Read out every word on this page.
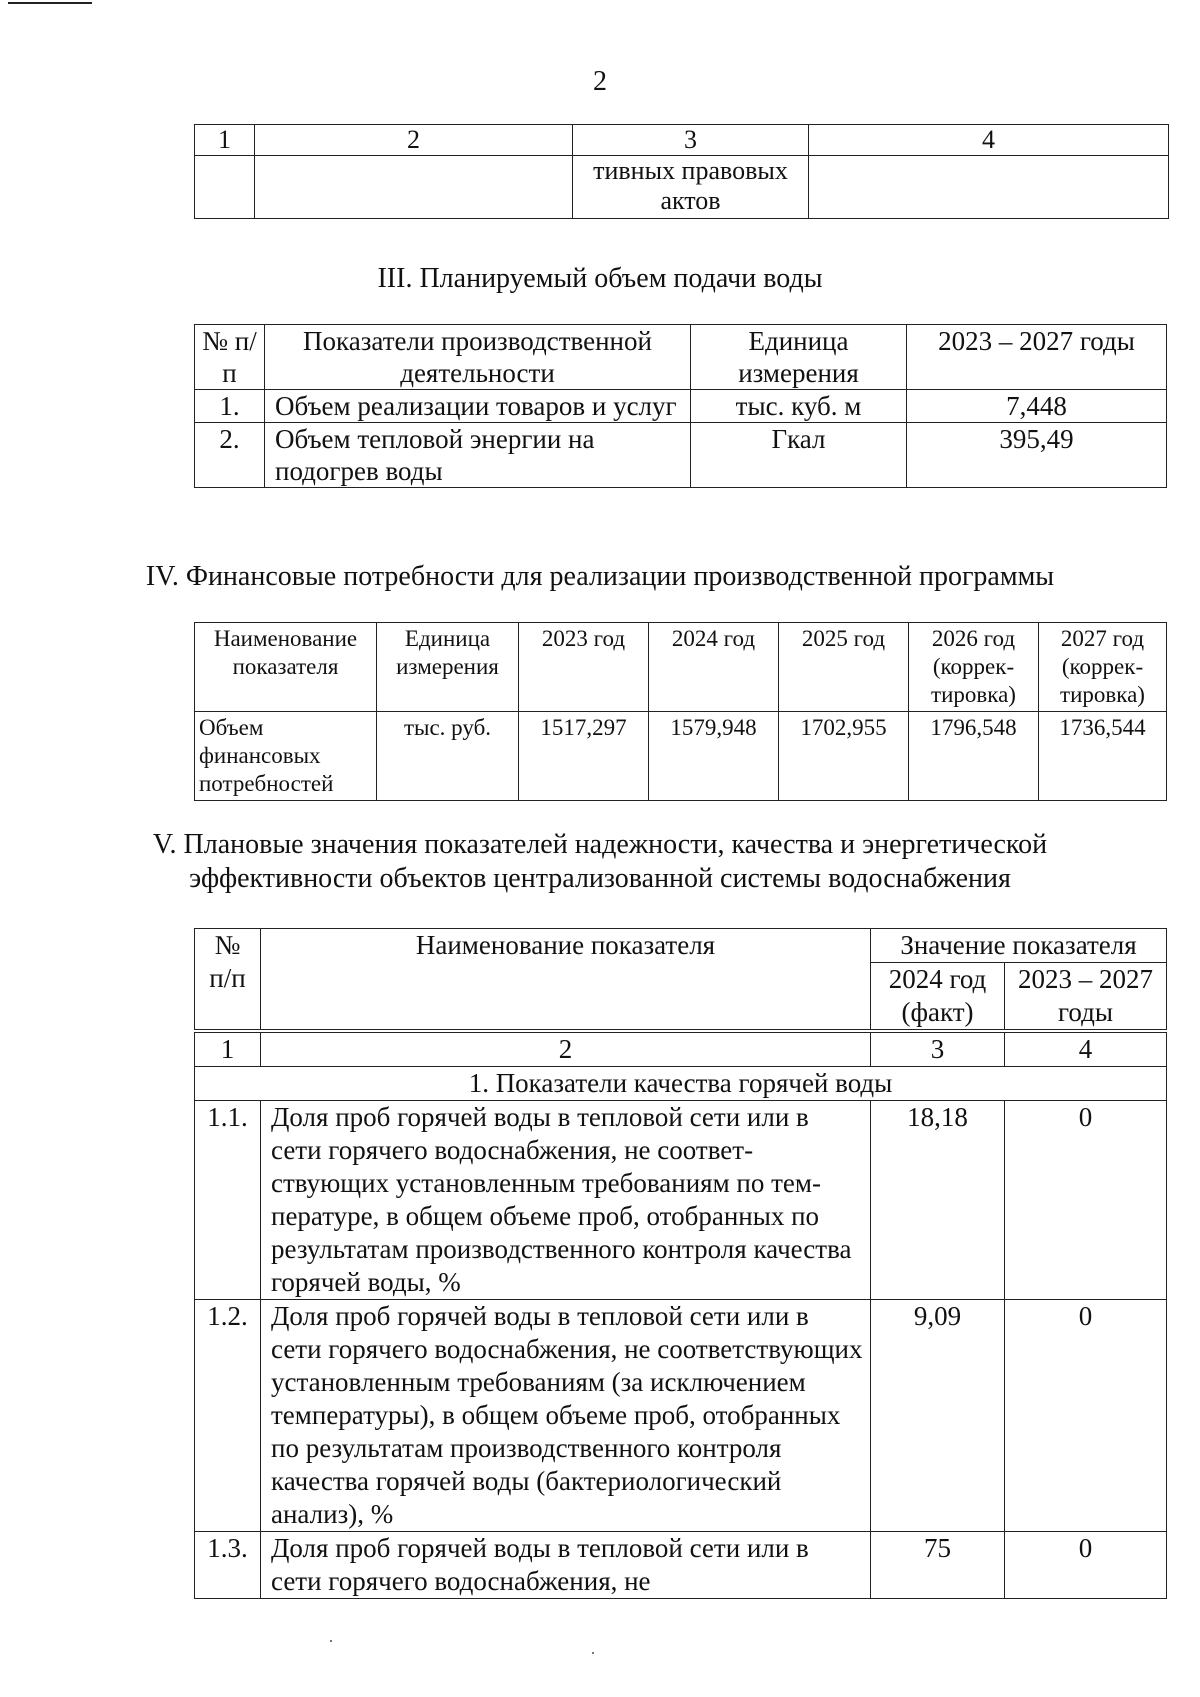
2
1	2	3	4
		тивных правовых актов	
III. Планируемый объем подачи воды
№ п/п	Показатели производственной деятельности	Единица измерения	2023 – 2027 годы
1.	Объем реализации товаров и услуг	тыс. куб. м	7,448
2.	Объем тепловой энергии на подогрев воды	Гкал	395,49
IV. Финансовые потребности для реализации производственной программы
Наименование показателя	Единица измерения	2023 год	2024 год	2025 год	2026 год (коррек-тировка)	2027 год (коррек-тировка)
Объем финансовых потребностей	тыс. руб.	1517,297	1579,948	1702,955	1796,548	1736,544
V. Плановые значения показателей надежности, качества и энергетической эффективности объектов централизованной системы водоснабжения
№ п/п	Наименование показателя	Значение показателя	
		2024 год (факт)	2023 – 2027 годы
1	2	3	4
1. Показатели качества горячей воды			
1.1.	Доля проб горячей воды в тепловой сети или в сети горячего водоснабжения, не соответ-ствующих установленным требованиям по тем-пературе, в общем объеме проб, отобранных по результатам производственного контроля качества горячей воды, %	18,18	0
1.2.	Доля проб горячей воды в тепловой сети или в сети горячего водоснабжения, не соответствующих установленным требованиям (за исключением температуры), в общем объеме проб, отобранных по результатам производственного контроля качества горячей воды (бактериологический анализ), %	9,09	0
1.3.	Доля проб горячей воды в тепловой сети или в сети горячего водоснабжения, не	75	0
